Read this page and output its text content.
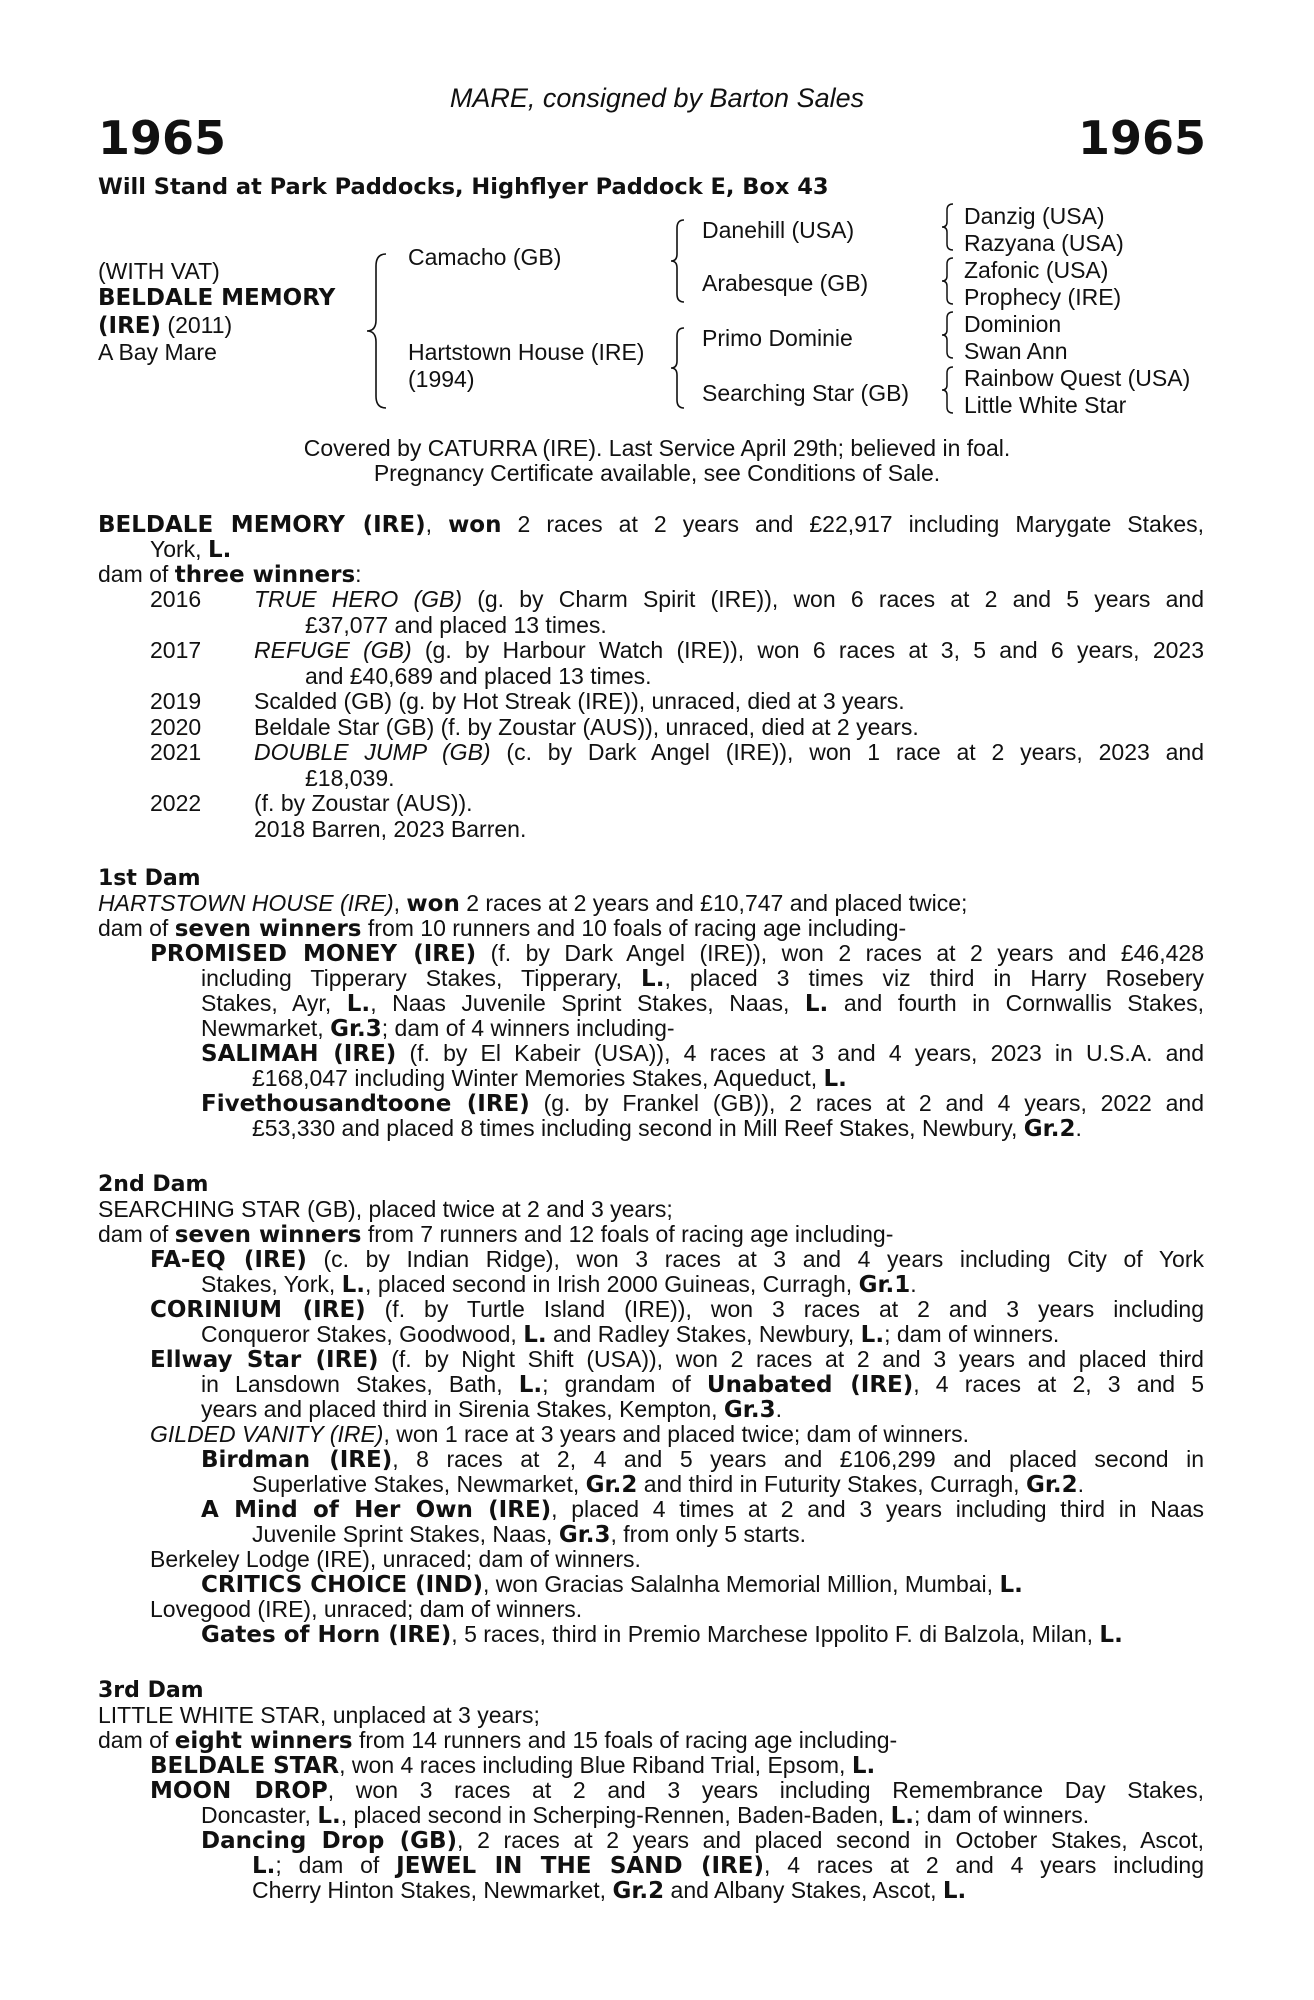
MARE, consigned by Barton Sales
1965	1965
Will Stand at Park Paddocks, Highflyer Paddock E, Box 43
(WITH VAT)
BELDALE MEMORY
(IRE) (2011)
A Bay Mare
Camacho (GB)
Hartstown House (IRE)
(1994)
Danehill (USA)
Arabesque (GB)
Primo Dominie
Searching Star (GB)
Danzig (USA)
Razyana (USA)
Zafonic (USA)
Prophecy (IRE)
Dominion
Swan Ann
Rainbow Quest (USA)
Little White Star
Covered by CATURRA (IRE). Last Service April 29th; believed in foal.
Pregnancy Certificate available, see Conditions of Sale.
BELDALE MEMORY (IRE), won 2 races at 2 years and £22,917 including Marygate Stakes,
York, L.
dam of three winners:
2016	TRUE HERO (GB) (g. by Charm Spirit (IRE)), won 6 races at 2 and 5 years and
£37,077 and placed 13 times.
2017	REFUGE (GB) (g. by Harbour Watch (IRE)), won 6 races at 3, 5 and 6 years, 2023
and £40,689 and placed 13 times.
2019	Scalded (GB) (g. by Hot Streak (IRE)), unraced, died at 3 years.
2020	Beldale Star (GB) (f. by Zoustar (AUS)), unraced, died at 2 years.
2021	DOUBLE JUMP (GB) (c. by Dark Angel (IRE)), won 1 race at 2 years, 2023 and
£18,039.
2022	(f. by Zoustar (AUS)).
2018 Barren, 2023 Barren.
1st Dam
HARTSTOWN HOUSE (IRE), won 2 races at 2 years and £10,747 and placed twice;
dam of seven winners from 10 runners and 10 foals of racing age including-
PROMISED MONEY (IRE) (f. by Dark Angel (IRE)), won 2 races at 2 years and £46,428
including Tipperary Stakes, Tipperary, L., placed 3 times viz third in Harry Rosebery
Stakes, Ayr, L., Naas Juvenile Sprint Stakes, Naas, L. and fourth in Cornwallis Stakes,
Newmarket, Gr.3; dam of 4 winners including-
SALIMAH (IRE) (f. by El Kabeir (USA)), 4 races at 3 and 4 years, 2023 in U.S.A. and
£168,047 including Winter Memories Stakes, Aqueduct, L.
Fivethousandtoone (IRE) (g. by Frankel (GB)), 2 races at 2 and 4 years, 2022 and
£53,330 and placed 8 times including second in Mill Reef Stakes, Newbury, Gr.2.
2nd Dam
SEARCHING STAR (GB), placed twice at 2 and 3 years;
dam of seven winners from 7 runners and 12 foals of racing age including-
FA-EQ (IRE) (c. by Indian Ridge), won 3 races at 3 and 4 years including City of York
Stakes, York, L., placed second in Irish 2000 Guineas, Curragh, Gr.1.
CORINIUM (IRE) (f. by Turtle Island (IRE)), won 3 races at 2 and 3 years including
Conqueror Stakes, Goodwood, L. and Radley Stakes, Newbury, L.; dam of winners.
Ellway Star (IRE) (f. by Night Shift (USA)), won 2 races at 2 and 3 years and placed third
in Lansdown Stakes, Bath, L.; grandam of Unabated (IRE), 4 races at 2, 3 and 5
years and placed third in Sirenia Stakes, Kempton, Gr.3.
GILDED VANITY (IRE), won 1 race at 3 years and placed twice; dam of winners.
Birdman (IRE), 8 races at 2, 4 and 5 years and £106,299 and placed second in
Superlative Stakes, Newmarket, Gr.2 and third in Futurity Stakes, Curragh, Gr.2.
A Mind of Her Own (IRE), placed 4 times at 2 and 3 years including third in Naas
Juvenile Sprint Stakes, Naas, Gr.3, from only 5 starts.
Berkeley Lodge (IRE), unraced; dam of winners.
CRITICS CHOICE (IND), won Gracias Salalnha Memorial Million, Mumbai, L.
Lovegood (IRE), unraced; dam of winners.
Gates of Horn (IRE), 5 races, third in Premio Marchese Ippolito F. di Balzola, Milan, L.
3rd Dam
LITTLE WHITE STAR, unplaced at 3 years;
dam of eight winners from 14 runners and 15 foals of racing age including-
BELDALE STAR, won 4 races including Blue Riband Trial, Epsom, L.
MOON DROP, won 3 races at 2 and 3 years including Remembrance Day Stakes,
Doncaster, L., placed second in Scherping-Rennen, Baden-Baden, L.; dam of winners.
Dancing Drop (GB), 2 races at 2 years and placed second in October Stakes, Ascot,
L.; dam of JEWEL IN THE SAND (IRE), 4 races at 2 and 4 years including
Cherry Hinton Stakes, Newmarket, Gr.2 and Albany Stakes, Ascot, L.
